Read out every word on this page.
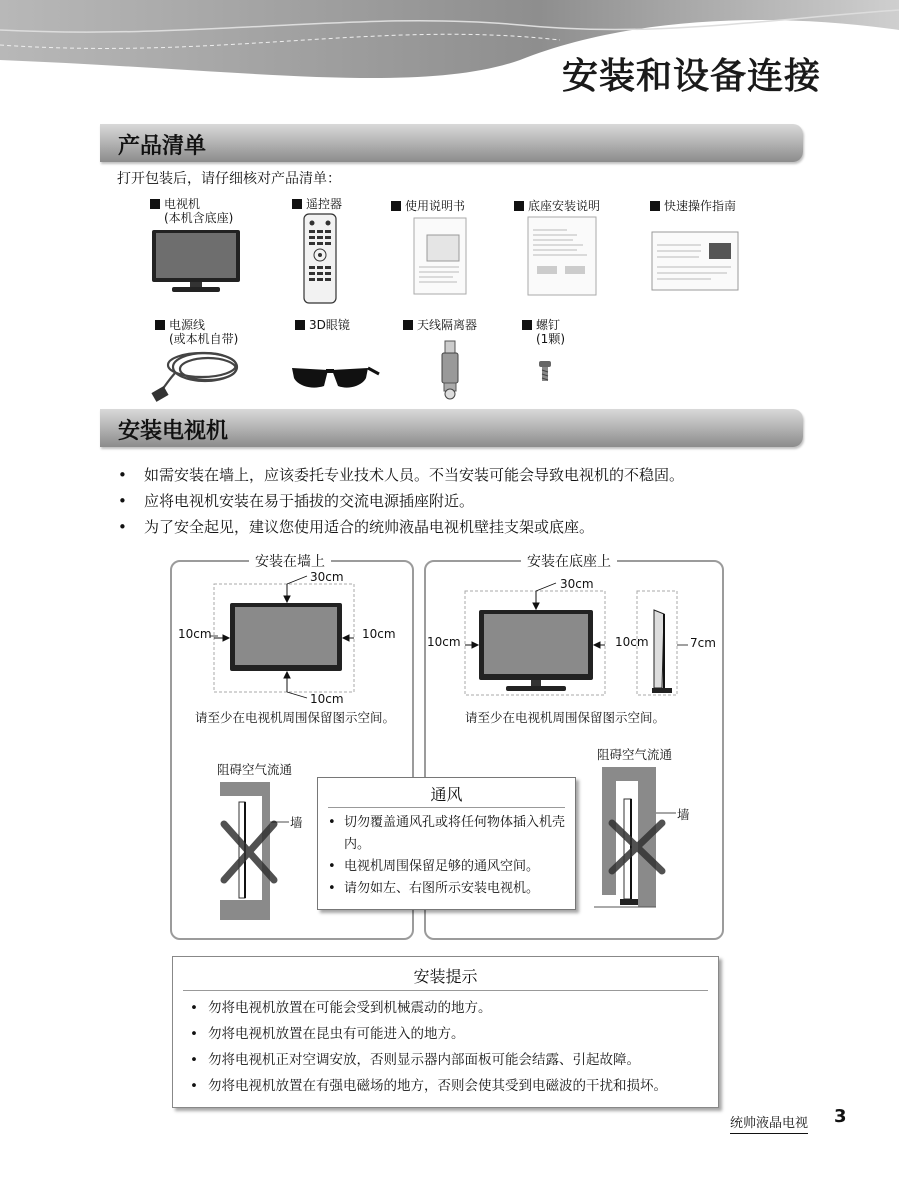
安装和设备连接
产品清单
打开包装后，请仔细核对产品清单：
电视机
(本机含底座)
遥控器	使用说明书	底座安装说明	快速操作指南
电源线
(或本机自带)
3D眼镜	天线隔离器	螺钉
(1颗)
安装电视机
• 如需安装在墙上，应该委托专业技术人员。不当安装可能会导致电视机的不稳固。
• 应将电视机安装在易于插拔的交流电源插座附近。
• 为了安全起见，建议您使用适合的统帅液晶电视机壁挂支架或底座。
安装在墙上
30cm
10cm	10cm
10cm
请至少在电视机周围保留图示空间。
阻碍空气流通
墙
安装在底座上
30cm
10cm	10cm	7cm
请至少在电视机周围保留图示空间。
阻碍空气流通
墙
通风
•  切勿覆盖通风孔或将任何物体插入机壳内。
•  电视机周围保留足够的通风空间。
•  请勿如左、右图所示安装电视机。
安装提示
• 勿将电视机放置在可能会受到机械震动的地方。
• 勿将电视机放置在昆虫有可能进入的地方。
• 勿将电视机正对空调安放，否则显示器内部面板可能会结露、引起故障。
• 勿将电视机放置在有强电磁场的地方，否则会使其受到电磁波的干扰和损坏。
统帅液晶电视 3
